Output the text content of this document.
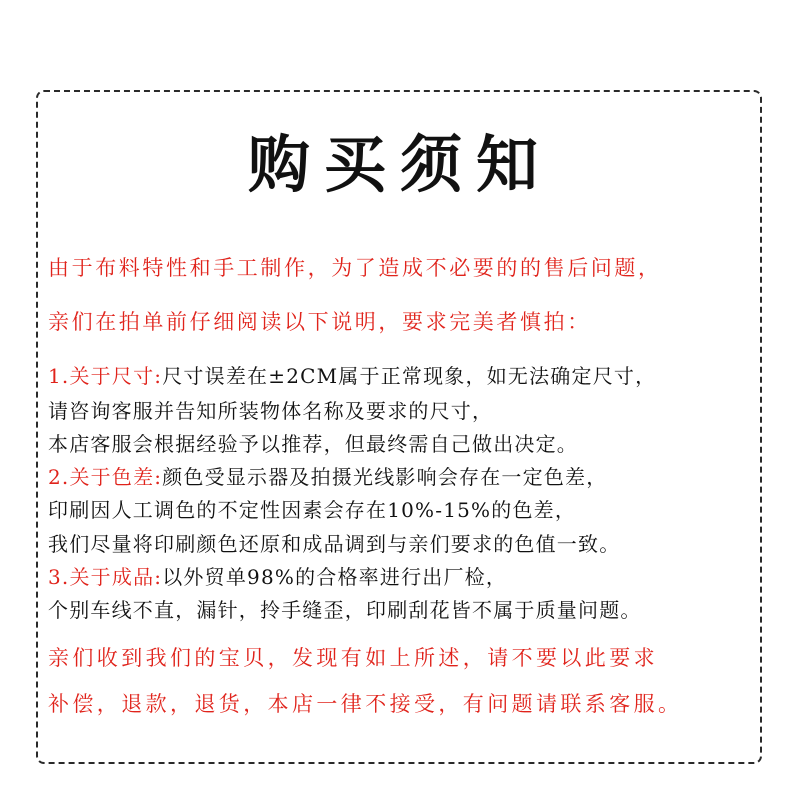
购买须知
由于布料特性和手工制作，为了造成不必要的的售后问题，
亲们在拍单前仔细阅读以下说明，要求完美者慎拍：
1.关于尺寸:尺寸误差在±2CM属于正常现象，如无法确定尺寸，
请咨询客服并告知所装物体名称及要求的尺寸，
本店客服会根据经验予以推荐，但最终需自己做出决定。
2.关于色差:颜色受显示器及拍摄光线影响会存在一定色差，
印刷因人工调色的不定性因素会存在10%-15%的色差，
我们尽量将印刷颜色还原和成品调到与亲们要求的色值一致。
3.关于成品:以外贸单98%的合格率进行出厂检，
个别车线不直，漏针，拎手缝歪，印刷刮花皆不属于质量问题。
亲们收到我们的宝贝，发现有如上所述，请不要以此要求
补偿，退款，退货，本店一律不接受，有问题请联系客服。
